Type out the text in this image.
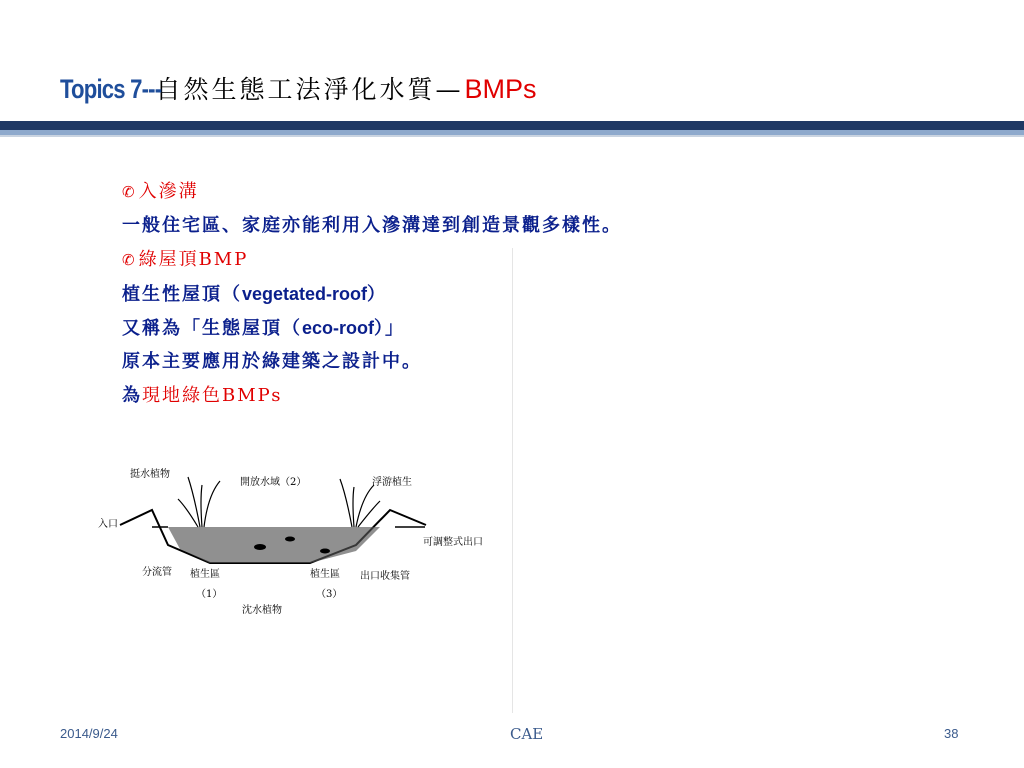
Topics 7---
自然生態工法淨化水質 — BMPs
✆ 入滲溝
一般住宅區、家庭亦能利用入滲溝達到創造景觀多樣性。
✆ 綠屋頂BMP
植生性屋頂（vegetated-roof）
又稱為「生態屋頂（eco-roof）」
原本主要應用於綠建築之設計中。
為現地綠色BMPs
挺水植物
開放水域（2）	浮游植生
入口
可調整式出口
分流管 植生區	植生區 出口收集管
（1）	（3）
沈水植物
2014/9/24	CAE	38
